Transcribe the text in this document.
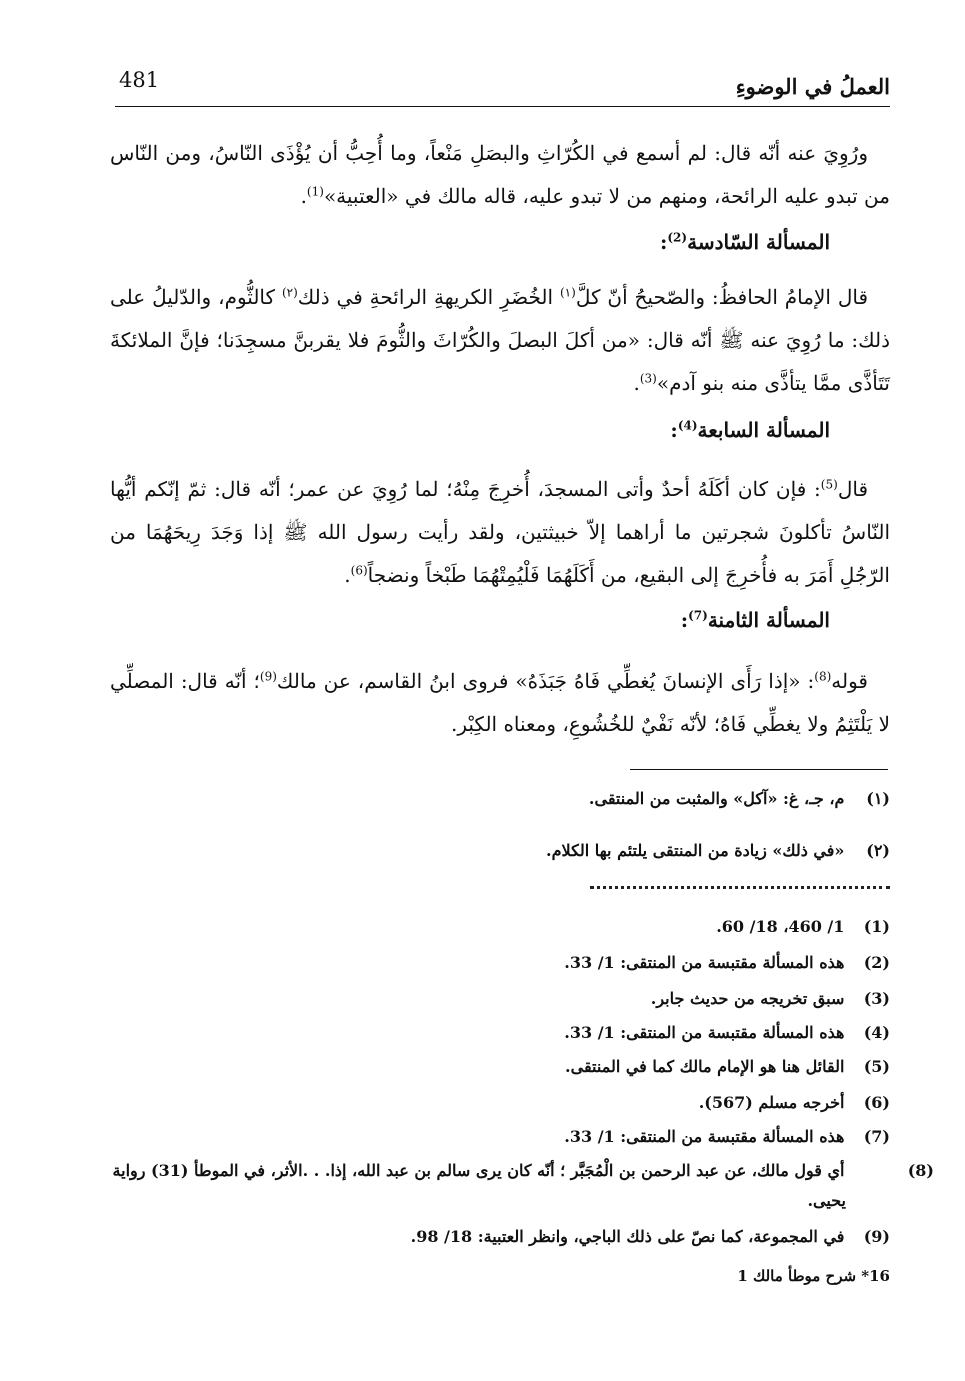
481	العملُ في الوضوءِ

ورُوِيَ عنه أنّه قال: لم أسمع في الكُرّاثِ والبصَلِ مَنْعاً، وما أُحِبُّ أن يُؤْذَى النّاسُ، ومن النّاس من تبدو عليه الرائحة، ومنهم من لا تبدو عليه، قاله مالك في «العتبية»$^{(1)}$.

المسألة السّادسة$^{(2)}$:

قال الإمامُ الحافظُ: والصّحيحُ أنّ كلَّ$^{(١)}$ الخُضَرِ الكريهةِ الرائحةِ في ذلك$^{(٢)}$ كالثُّوم، والدّليلُ على ذلك: ما رُوِيَ عنه ﷺ أنّه قال: «من أكلَ البصلَ والكُرّاثَ والثُّومَ فلا يقربنَّ مسجِدَنا؛ فإنَّ الملائكةَ تَتَأذَّى ممَّا يتأذَّى منه بنو آدم»$^{(3)}$.

المسألة السابعة$^{(4)}$:

قال$^{(5)}$: فإن كان أكَلَهُ أحدٌ وأتى المسجدَ، أُخرِجَ مِنْهُ؛ لما رُوِيَ عن عمر؛ أنّه قال: ثمّ إنّكم أيُّها النّاسُ تأكلونَ شجرتين ما أراهما إلاّ خبيثتين، ولقد رأيت رسول الله ﷺ إذا وَجَدَ رِيحَهُمَا من الرّجُلِ أَمَرَ به فأُخرِجَ إلى البقيع، من أَكَلَهُمَا فَلْيُمِتْهُمَا طَبْخاً ونضجاً$^{(6)}$.

المسألة الثامنة$^{(7)}$:

قوله$^{(8)}$: «إذا رَأَى الإنسانَ يُغطِّي فَاهُ جَبَذَهُ» فروى ابنُ القاسم، عن مالك$^{(9)}$؛ أنّه قال: المصلِّي لا يَلْتَثِمُ ولا يغطِّي فَاهُ؛ لأنّه نَفْيٌ للخُشُوعِ، ومعناه الكِبْر.

(١) م، جـ، غ: «آكل» والمثبت من المنتقى.
(٢) «في ذلك» زيادة من المنتقى يلتئم بها الكلام.
(1) 1/ 460، 18/ 60.
(2) هذه المسألة مقتبسة من المنتقى: 1/ 33.
(3) سبق تخريجه من حديث جابر.
(4) هذه المسألة مقتبسة من المنتقى: 1/ 33.
(5) القائل هنا هو الإمام مالك كما في المنتقى.
(6) أخرجه مسلم (567).
(7) هذه المسألة مقتبسة من المنتقى: 1/ 33.
(8) أي قول مالك، عن عبد الرحمن بن الْمُجَبَّر ؛ أنّه كان يرى سالم بن عبد الله، إذا. . .الأثر، في الموطأ (31) رواية يحيى.
(9) في المجموعة، كما نصّ على ذلك الباجي، وانظر العتبية: 18/ 98.
16* شرح موطأ مالك 1
